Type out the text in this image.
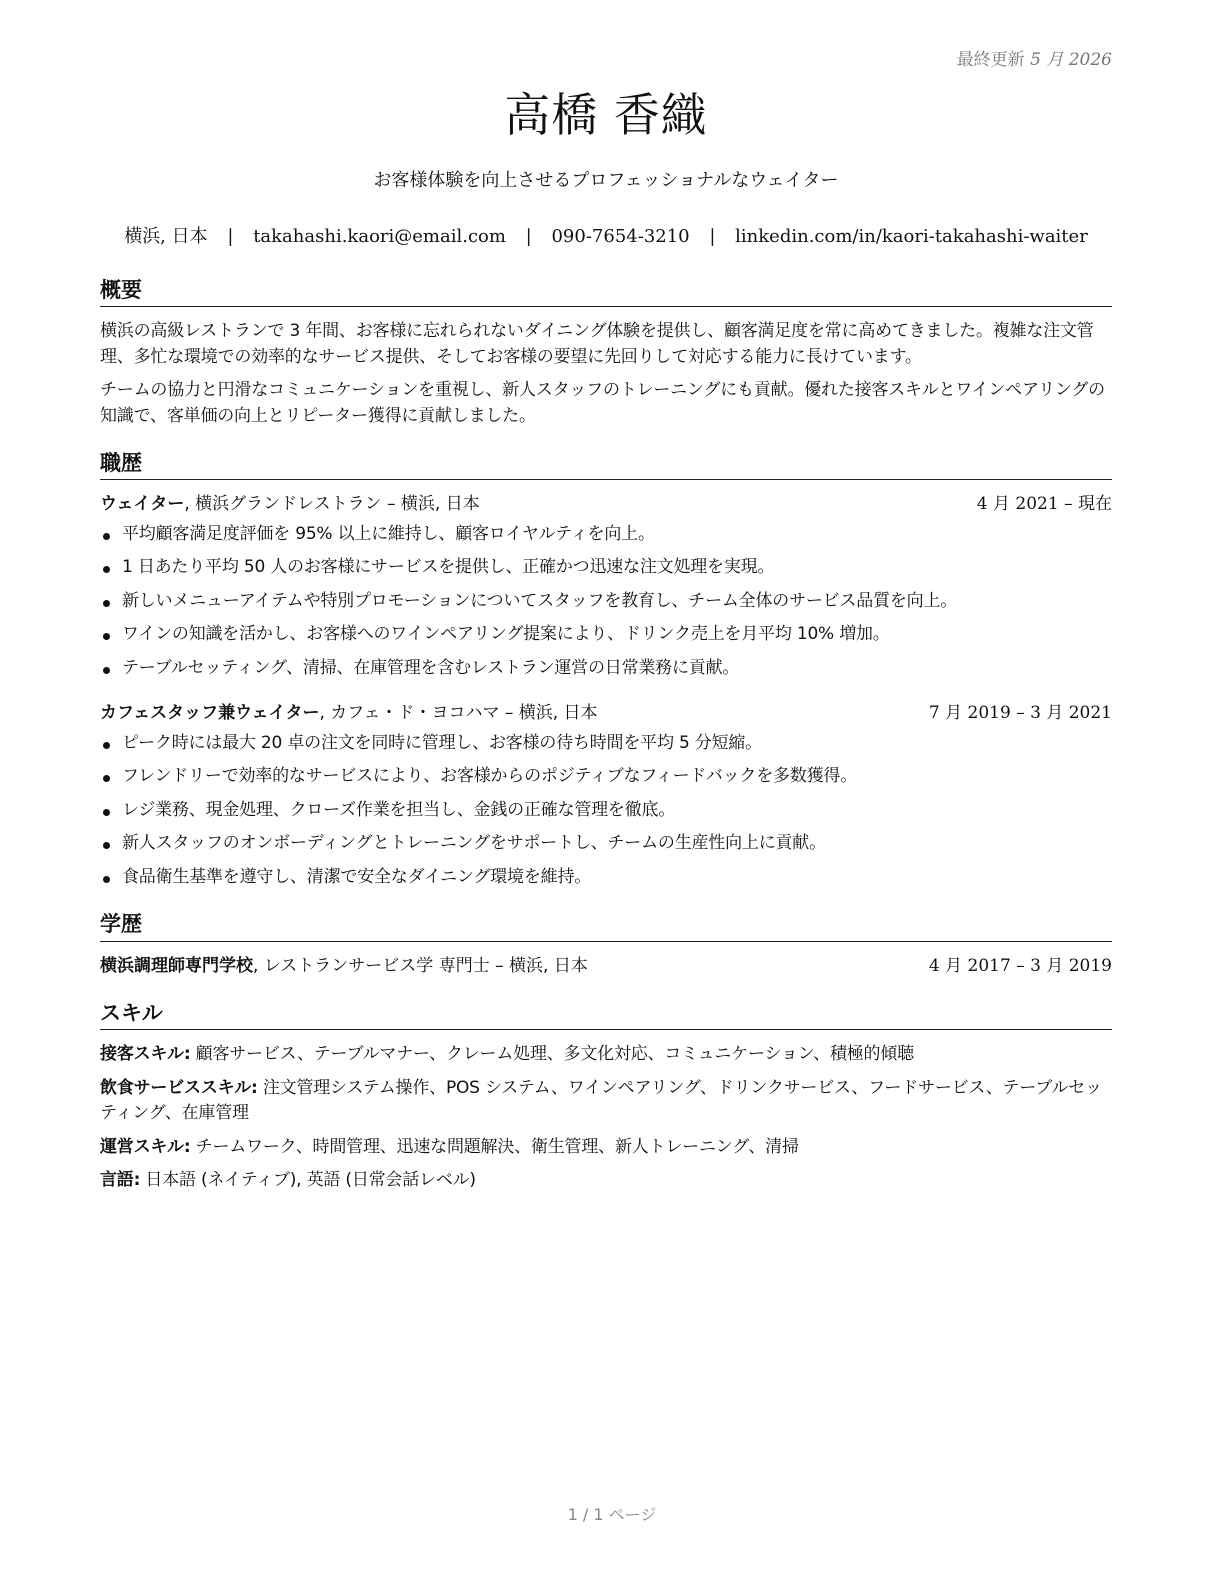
最終更新 5 月 2026
高橋 香織
お客様体験を向上させるプロフェッショナルなウェイター
横浜, 日本 | takahashi.kaori@email.com | 090-7654-3210 | linkedin.com/in/kaori-takahashi-waiter
概要

横浜の高級レストランで 3 年間、お客様に忘れられないダイニング体験を提供し、顧客満足度を常に高めてきました。複雑な注文管理、多忙な環境での効率的なサービス提供、そしてお客様の要望に先回りして対応する能力に長けています。

チームの協力と円滑なコミュニケーションを重視し、新人スタッフのトレーニングにも貢献。優れた接客スキルとワインペアリングの知識で、客単価の向上とリピーター獲得に貢献しました。

職歴
ウェイター, 横浜グランドレストラン – 横浜, 日本	4 月 2021 – 現在
平均顧客満足度評価を 95% 以上に維持し、顧客ロイヤルティを向上。
1 日あたり平均 50 人のお客様にサービスを提供し、正確かつ迅速な注文処理を実現。
新しいメニューアイテムや特別プロモーションについてスタッフを教育し、チーム全体のサービス品質を向上。
ワインの知識を活かし、お客様へのワインペアリング提案により、ドリンク売上を月平均 10% 増加。
テーブルセッティング、清掃、在庫管理を含むレストラン運営の日常業務に貢献。
カフェスタッフ兼ウェイター, カフェ・ド・ヨコハマ – 横浜, 日本	7 月 2019 – 3 月 2021
ピーク時には最大 20 卓の注文を同時に管理し、お客様の待ち時間を平均 5 分短縮。
フレンドリーで効率的なサービスにより、お客様からのポジティブなフィードバックを多数獲得。
レジ業務、現金処理、クローズ作業を担当し、金銭の正確な管理を徹底。
新人スタッフのオンボーディングとトレーニングをサポートし、チームの生産性向上に貢献。
食品衛生基準を遵守し、清潔で安全なダイニング環境を維持。
学歴
横浜調理師専門学校, レストランサービス学 専門士 – 横浜, 日本	4 月 2017 – 3 月 2019
スキル
接客スキル: 顧客サービス、テーブルマナー、クレーム処理、多文化対応、コミュニケーション、積極的傾聴
飲食サービススキル: 注文管理システム操作、POS システム、ワインペアリング、ドリンクサービス、フードサービス、テーブルセッティング、在庫管理
運営スキル: チームワーク、時間管理、迅速な問題解決、衛生管理、新人トレーニング、清掃
言語: 日本語 (ネイティブ), 英語 (日常会話レベル)
1 / 1 ページ
